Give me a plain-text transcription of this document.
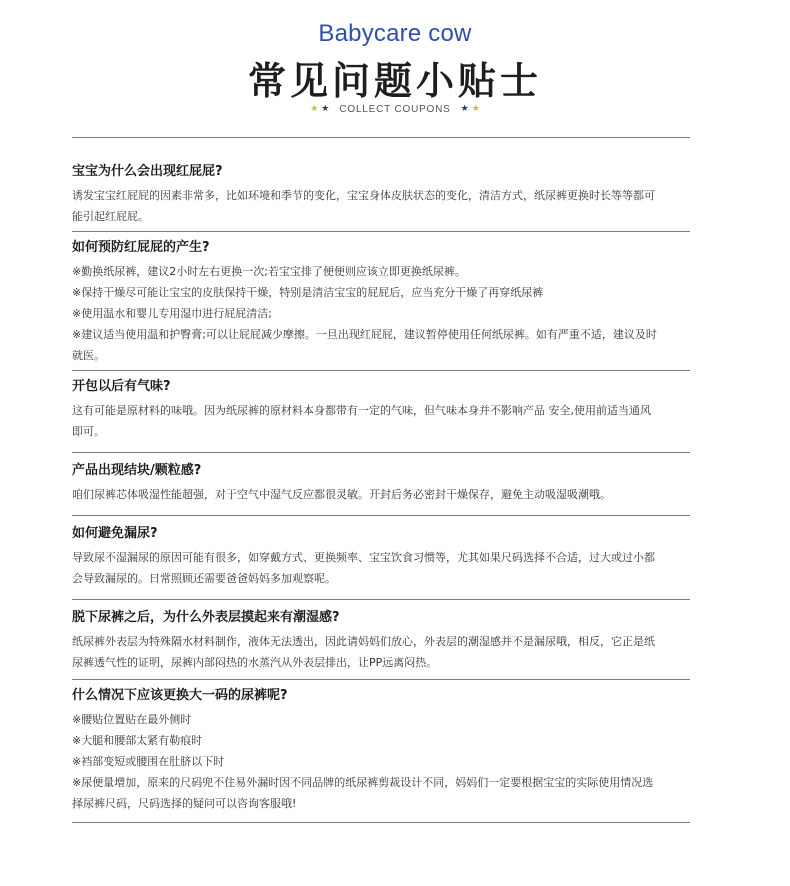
Babycare cow
常见问题小贴士
★ ★ COLLECT COUPONS ★ ★
宝宝为什么会出现红屁屁?

诱发宝宝红屁屁的因素非常多，比如环境和季节的变化，宝宝身体皮肤状态的变化，清洁方式，纸尿裤更换时长等等都可

能引起红屁屁。

如何预防红屁屁的产生?

※勤换纸尿裤，建议2小时左右更换一次;若宝宝排了便便则应该立即更换纸尿裤。

※保持干燥尽可能让宝宝的皮肤保持干燥，特别是清洁宝宝的屁屁后，应当充分干燥了再穿纸尿裤

※使用温水和婴儿专用湿巾进行屁屁清洁;

※建议适当使用温和护臀膏;可以让屁屁减少摩擦。一旦出现红屁屁，建议暂停使用任何纸尿裤。如有严重不适，建议及时

就医。

开包以后有气味?

这有可能是原材料的味哦。因为纸尿裤的原材料本身都带有一定的气味，但气味本身并不影响产品 安全,使用前适当通风

即可。

产品出现结块/颗粒感?

咱们尿裤芯体吸湿性能超强，对于空气中湿气反应都很灵敏。开封后务必密封干燥保存，避免主动吸湿吸潮哦。

如何避免漏尿?

导致尿不湿漏尿的原因可能有很多，如穿戴方式、更换频率、宝宝饮食习惯等，尤其如果尺码选择不合适，过大或过小都

会导致漏尿的。日常照顾还需要爸爸妈妈多加观察呢。

脱下尿裤之后，为什么外表层摸起来有潮湿感?

纸尿裤外表层为特殊隔水材料制作，液体无法透出，因此请妈妈们放心，外表层的潮湿感并不是漏尿哦，相反，它正是纸

尿裤透气性的证明，尿裤内部闷热的水蒸汽从外表层排出，让PP远离闷热。

什么情况下应该更换大一码的尿裤呢?

※腰贴位置贴在最外侧时

※大腿和腰部太紧有勒痕时

※裆部变短或腰围在肚脐以下时

※尿便量增加，原来的尺码兜不住易外漏时因不同品牌的纸尿裤剪裁设计不同，妈妈们一定要根据宝宝的实际使用情况选

择尿裤尺码，尺码选择的疑问可以咨询客服哦!
